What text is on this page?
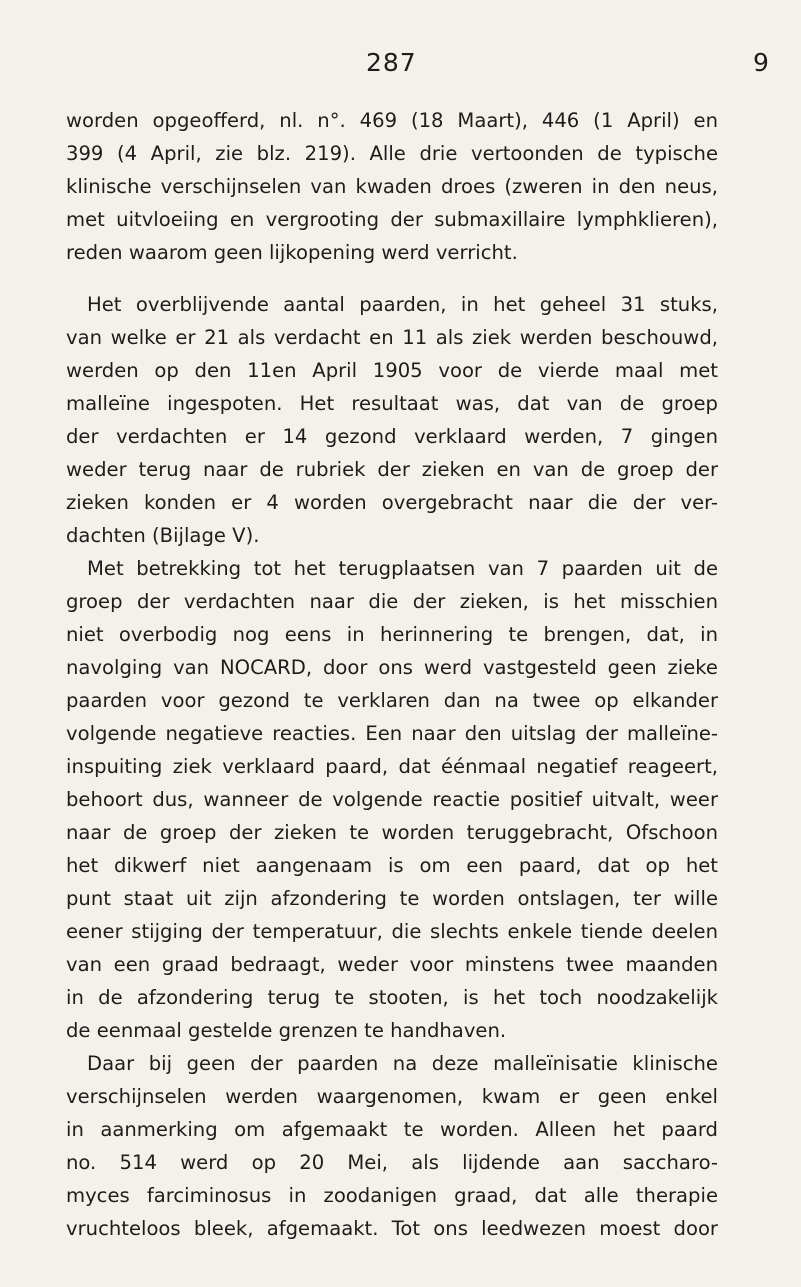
287	9
worden opgeofferd, nl. n°. 469 (18 Maart), 446 (1 April) en
399 (4 April, zie blz. 219). Alle drie vertoonden de typische
klinische verschijnselen van kwaden droes (zweren in den neus,
met uitvloeiing en vergrooting der submaxillaire lymphklieren),
reden waarom geen lijkopening werd verricht.
Het overblijvende aantal paarden, in het geheel 31 stuks,
van welke er 21 als verdacht en 11 als ziek werden beschouwd,
werden op den 11en April 1905 voor de vierde maal met
malleïne ingespoten. Het resultaat was, dat van de groep
der verdachten er 14 gezond verklaard werden, 7 gingen
weder terug naar de rubriek der zieken en van de groep der
zieken konden er 4 worden overgebracht naar die der ver-
dachten (Bijlage V).
Met betrekking tot het terugplaatsen van 7 paarden uit de
groep der verdachten naar die der zieken, is het misschien
niet overbodig nog eens in herinnering te brengen, dat, in
navolging van NOCARD, door ons werd vastgesteld geen zieke
paarden voor gezond te verklaren dan na twee op elkander
volgende negatieve reacties. Een naar den uitslag der malleïne-
inspuiting ziek verklaard paard, dat éénmaal negatief reageert,
behoort dus, wanneer de volgende reactie positief uitvalt, weer
naar de groep der zieken te worden teruggebracht, Ofschoon
het dikwerf niet aangenaam is om een paard, dat op het
punt staat uit zijn afzondering te worden ontslagen, ter wille
eener stijging der temperatuur, die slechts enkele tiende deelen
van een graad bedraagt, weder voor minstens twee maanden
in de afzondering terug te stooten, is het toch noodzakelijk
de eenmaal gestelde grenzen te handhaven.
Daar bij geen der paarden na deze malleïnisatie klinische
verschijnselen werden waargenomen, kwam er geen enkel
in aanmerking om afgemaakt te worden. Alleen het paard
no. 514 werd op 20 Mei, als lijdende aan saccharo-
myces farciminosus in zoodanigen graad, dat alle therapie
vruchteloos bleek, afgemaakt. Tot ons leedwezen moest door
